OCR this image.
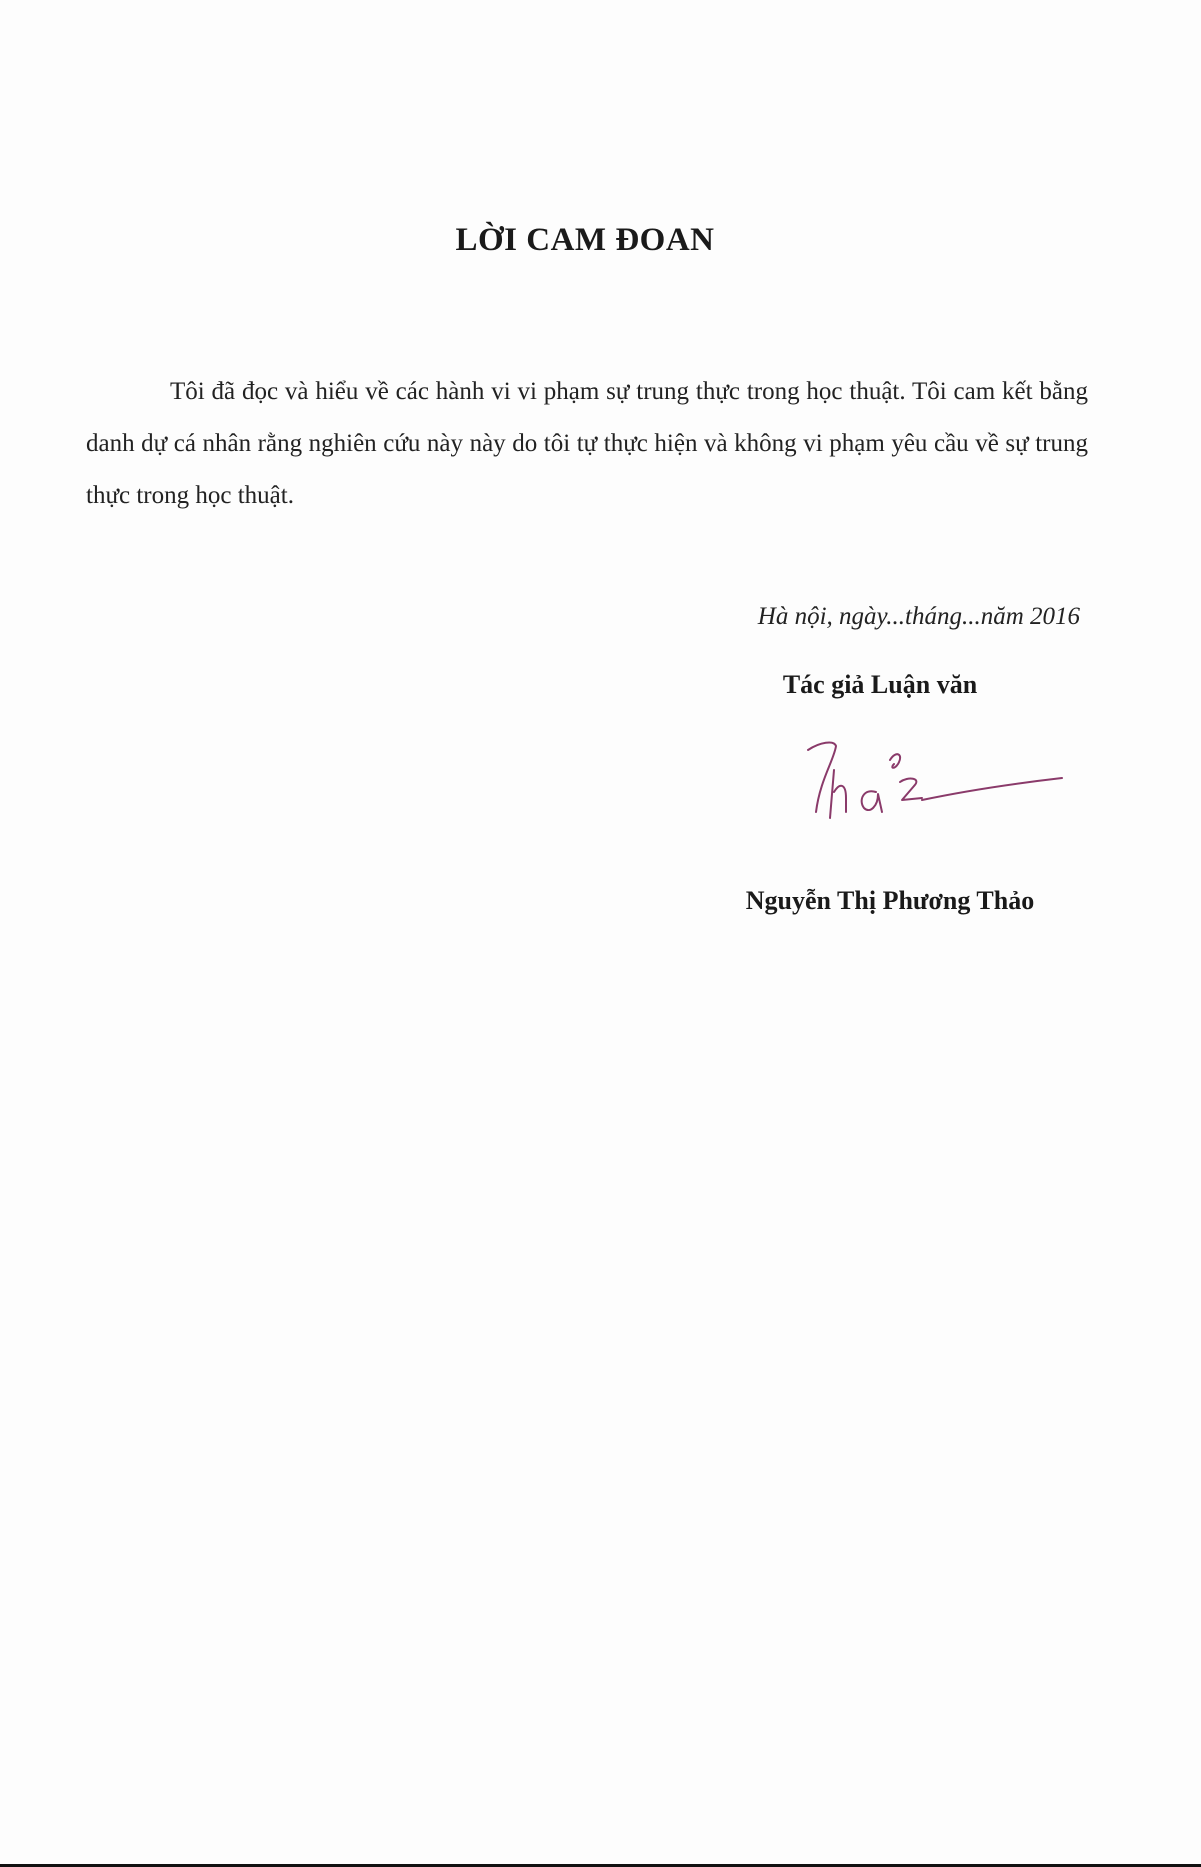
LỜI CAM ĐOAN
Tôi đã đọc và hiểu về các hành vi vi phạm sự trung thực trong học thuật. Tôi cam kết bằng danh dự cá nhân rằng nghiên cứu này này do tôi tự thực hiện và không vi phạm yêu cầu về sự trung thực trong học thuật.
Hà nội, ngày...tháng...năm 2016
Tác giả Luận văn
Nguyễn Thị Phương Thảo
